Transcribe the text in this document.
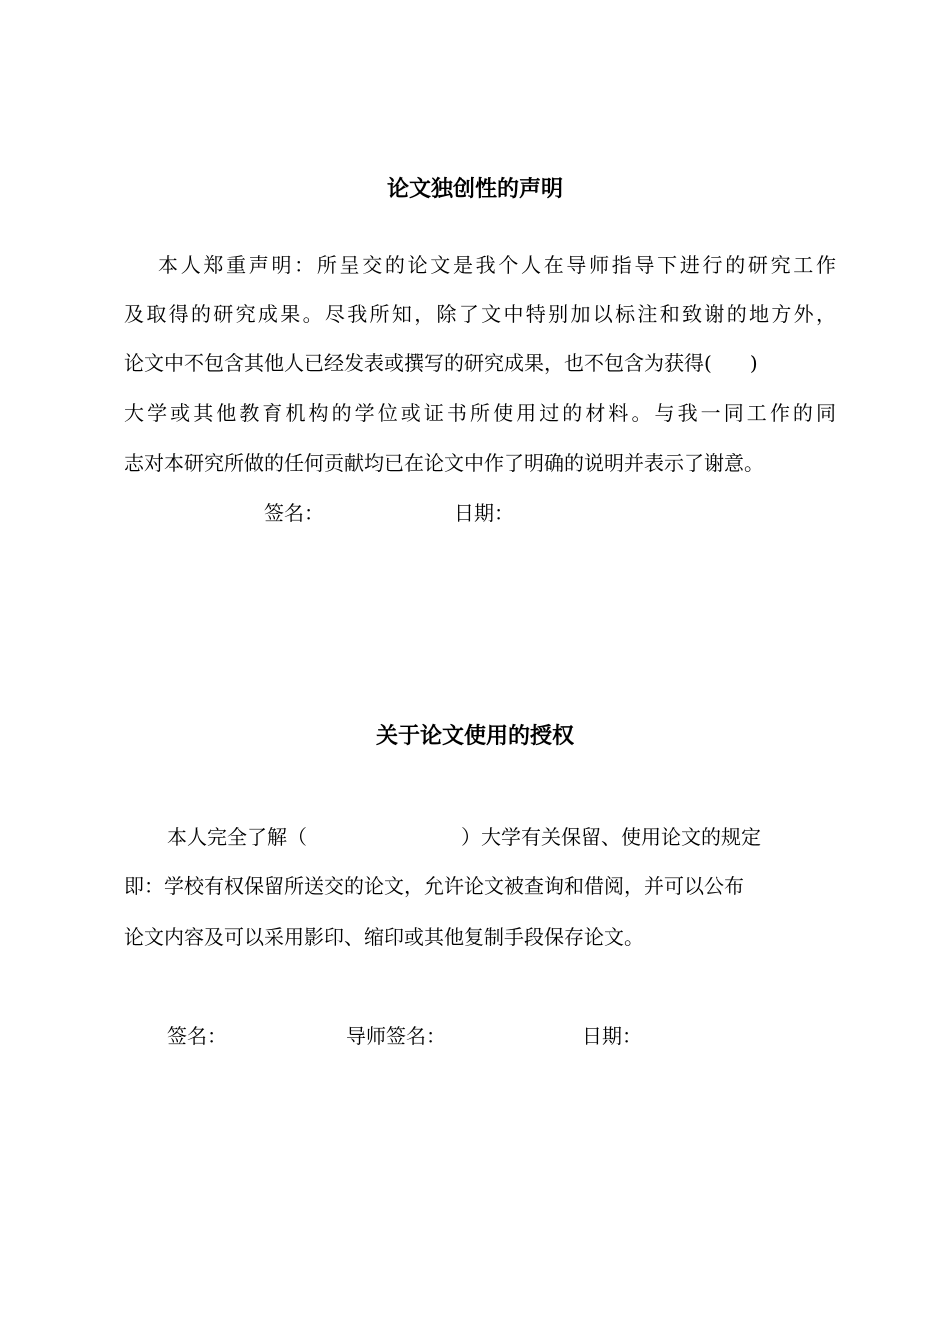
论文独创性的声明
本人郑重声明：所呈交的论文是我个人在导师指导下进行的研究工作
及取得的研究成果。尽我所知，除了文中特别加以标注和致谢的地方外，
论文中不包含其他人已经发表或撰写的研究成果，也不包含为获得( )
大学或其他教育机构的学位或证书所使用过的材料。与我一同工作的同
志对本研究所做的任何贡献均已在论文中作了明确的说明并表示了谢意。
签名：	日期：
关于论文使用的授权
本人完全了解（	）大学有关保留、使用论文的规定
即：学校有权保留所送交的论文，允许论文被查询和借阅，并可以公布
论文内容及可以采用影印、缩印或其他复制手段保存论文。
签名：	导师签名：	日期：
